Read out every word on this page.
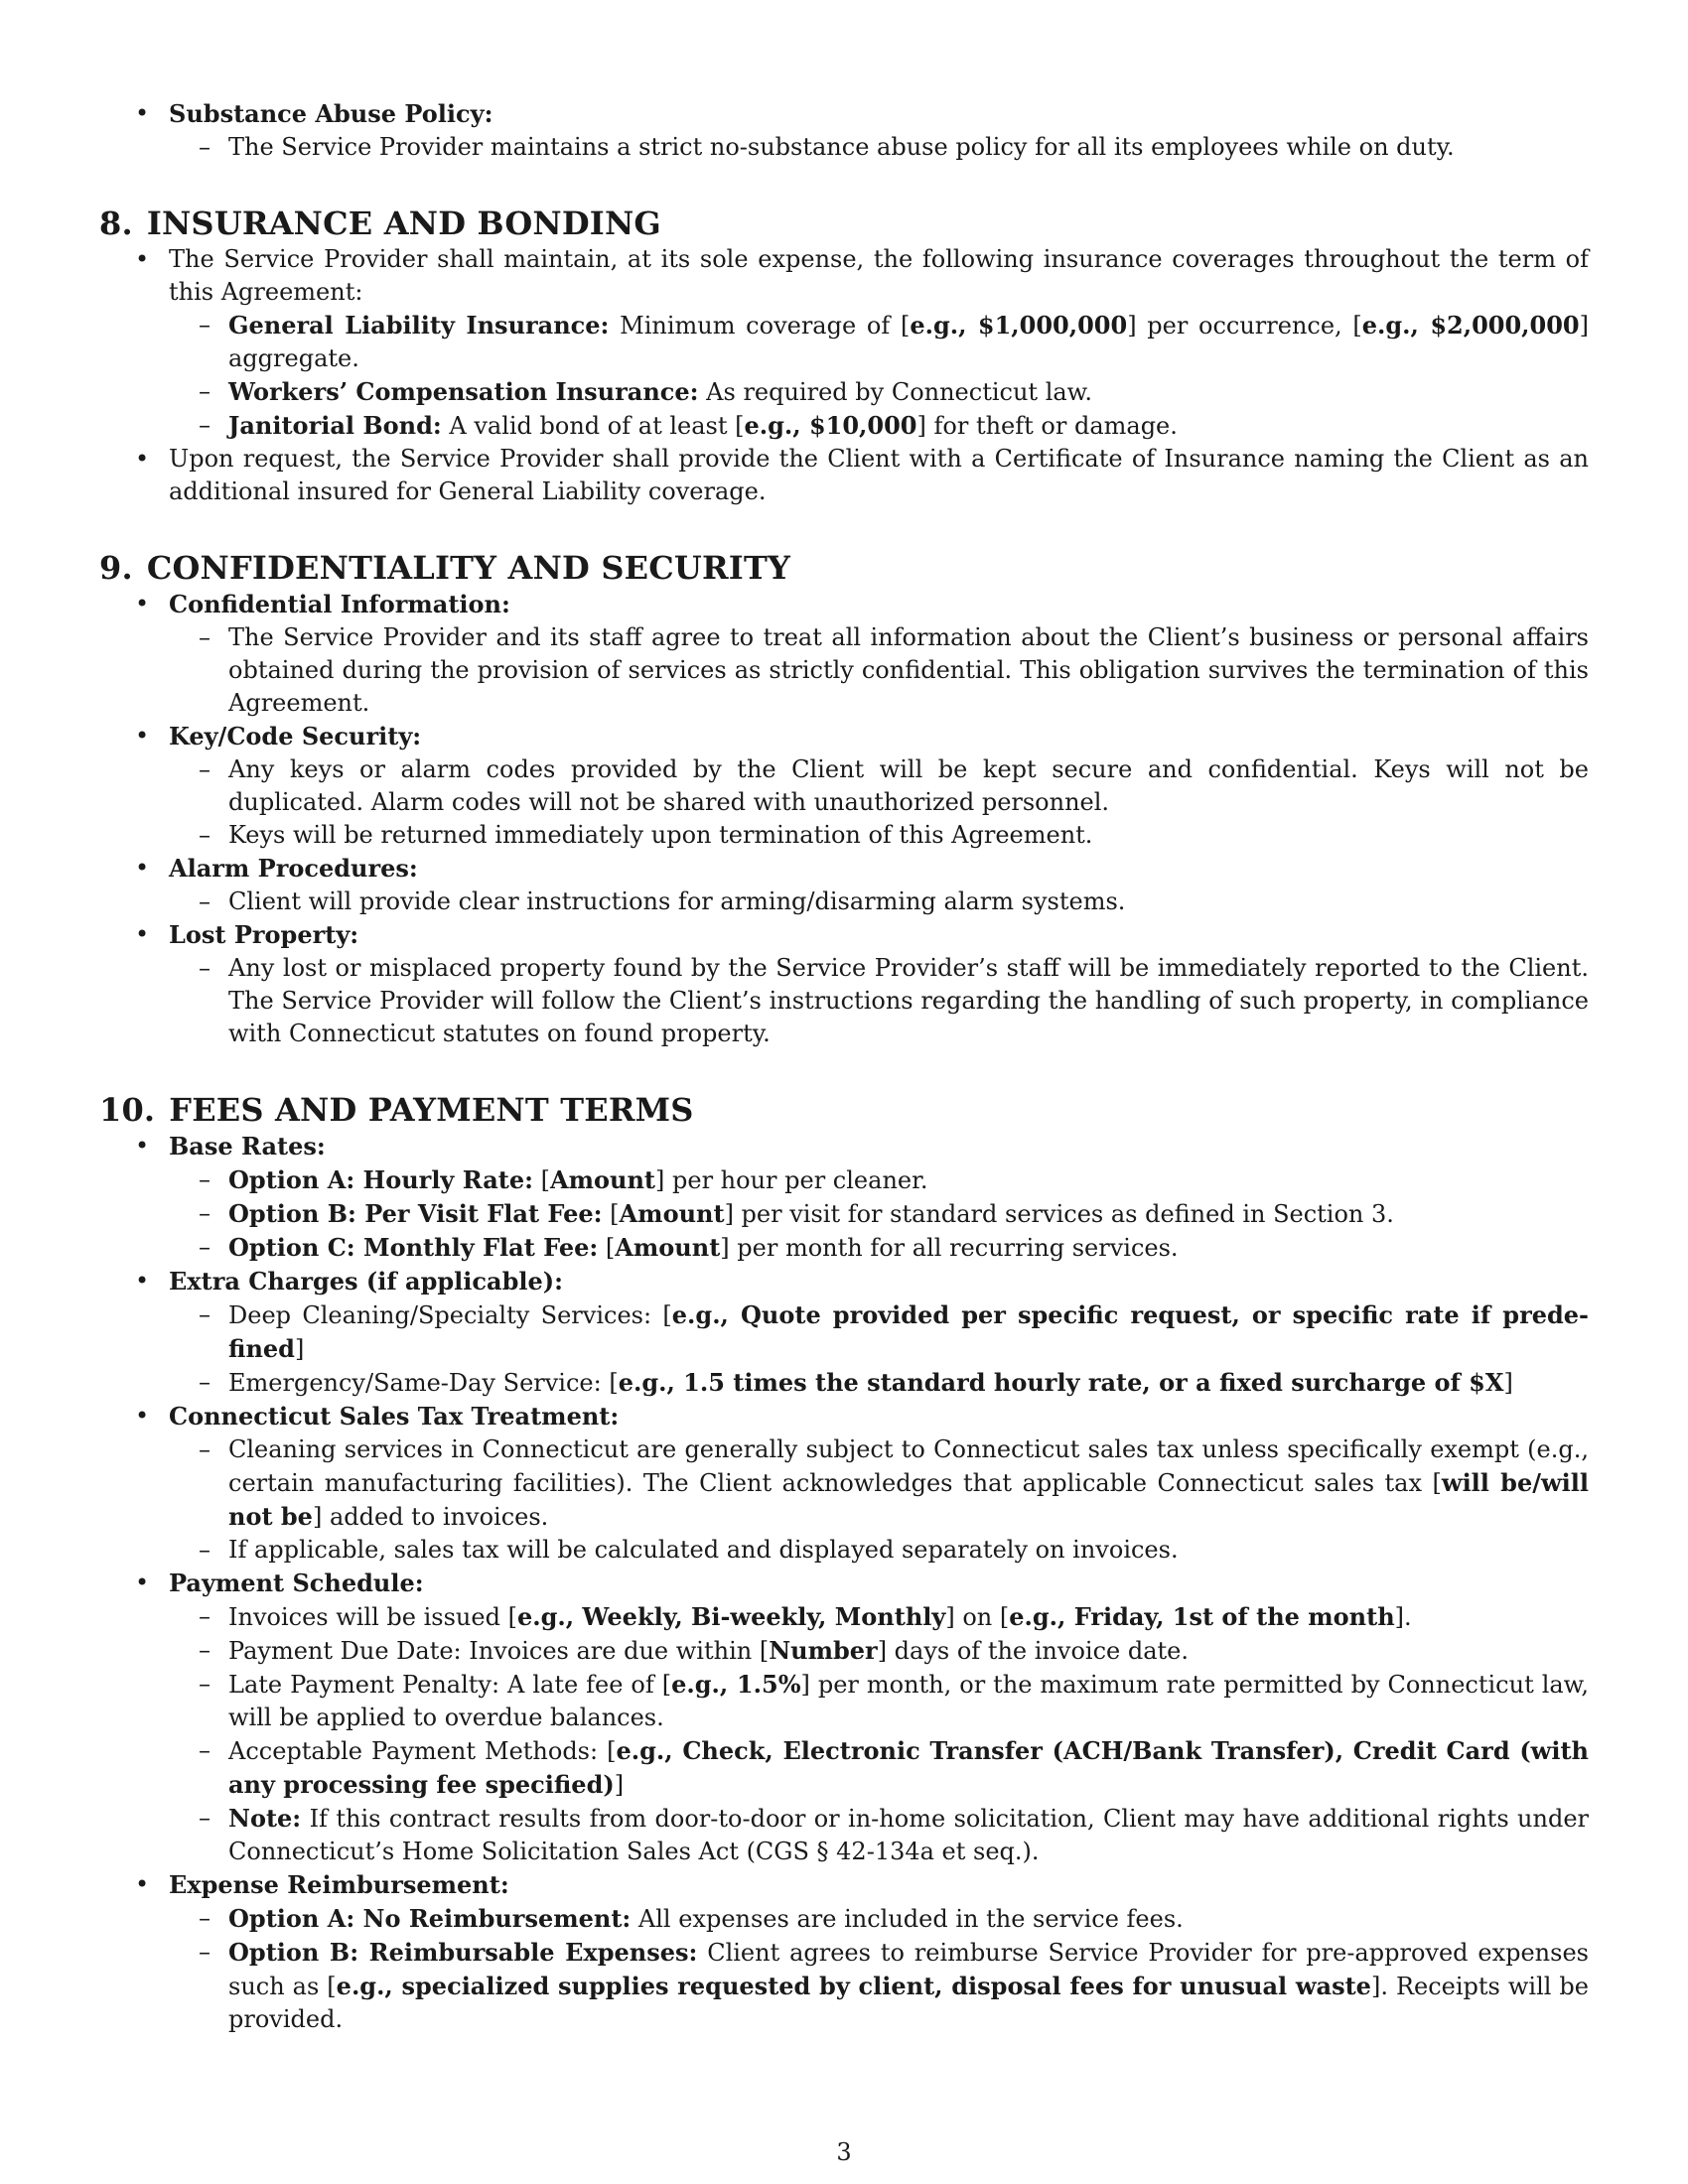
• Substance Abuse Policy:
– The Service Provider maintains a strict no-substance abuse policy for all its employees while on duty.
8. INSURANCE AND BONDING
• The Service Provider shall maintain, at its sole expense, the following insurance coverages throughout the term of this Agreement:
– General Liability Insurance: Minimum coverage of [e.g., $1,000,000] per occurrence, [e.g., $2,000,000] aggregate.
– Workers’ Compensation Insurance: As required by Connecticut law.
– Janitorial Bond: A valid bond of at least [e.g., $10,000] for theft or damage.
• Upon request, the Service Provider shall provide the Client with a Certificate of Insurance naming the Client as an additional insured for General Liability coverage.
9. CONFIDENTIALITY AND SECURITY
• Confidential Information:
– The Service Provider and its staff agree to treat all information about the Client’s business or personal affairs obtained during the provision of services as strictly confidential. This obligation survives the termination of this Agreement.
• Key/Code Security:
– Any keys or alarm codes provided by the Client will be kept secure and confidential. Keys will not be duplicated. Alarm codes will not be shared with unauthorized personnel.
– Keys will be returned immediately upon termination of this Agreement.
• Alarm Procedures:
– Client will provide clear instructions for arming/disarming alarm systems.
• Lost Property:
– Any lost or misplaced property found by the Service Provider’s staff will be immediately reported to the Client. The Service Provider will follow the Client’s instructions regarding the handling of such property, in compliance with Connecticut statutes on found property.
10. FEES AND PAYMENT TERMS
• Base Rates:
– Option A: Hourly Rate: [Amount] per hour per cleaner.
– Option B: Per Visit Flat Fee: [Amount] per visit for standard services as defined in Section 3.
– Option C: Monthly Flat Fee: [Amount] per month for all recurring services.
• Extra Charges (if applicable):
– Deep Cleaning/Specialty Services: [e.g., Quote provided per specific request, or specific rate if prede-fined]
– Emergency/Same-Day Service: [e.g., 1.5 times the standard hourly rate, or a fixed surcharge of $X]
• Connecticut Sales Tax Treatment:
– Cleaning services in Connecticut are generally subject to Connecticut sales tax unless specifically exempt (e.g., certain manufacturing facilities). The Client acknowledges that applicable Connecticut sales tax [will be/will not be] added to invoices.
– If applicable, sales tax will be calculated and displayed separately on invoices.
• Payment Schedule:
– Invoices will be issued [e.g., Weekly, Bi-weekly, Monthly] on [e.g., Friday, 1st of the month].
– Payment Due Date: Invoices are due within [Number] days of the invoice date.
– Late Payment Penalty: A late fee of [e.g., 1.5%] per month, or the maximum rate permitted by Connecticut law, will be applied to overdue balances.
– Acceptable Payment Methods: [e.g., Check, Electronic Transfer (ACH/Bank Transfer), Credit Card (with any processing fee specified)]
– Note: If this contract results from door-to-door or in-home solicitation, Client may have additional rights under Connecticut’s Home Solicitation Sales Act (CGS § 42-134a et seq.).
• Expense Reimbursement:
– Option A: No Reimbursement: All expenses are included in the service fees.
– Option B: Reimbursable Expenses: Client agrees to reimburse Service Provider for pre-approved expenses such as [e.g., specialized supplies requested by client, disposal fees for unusual waste]. Receipts will be provided.
3
